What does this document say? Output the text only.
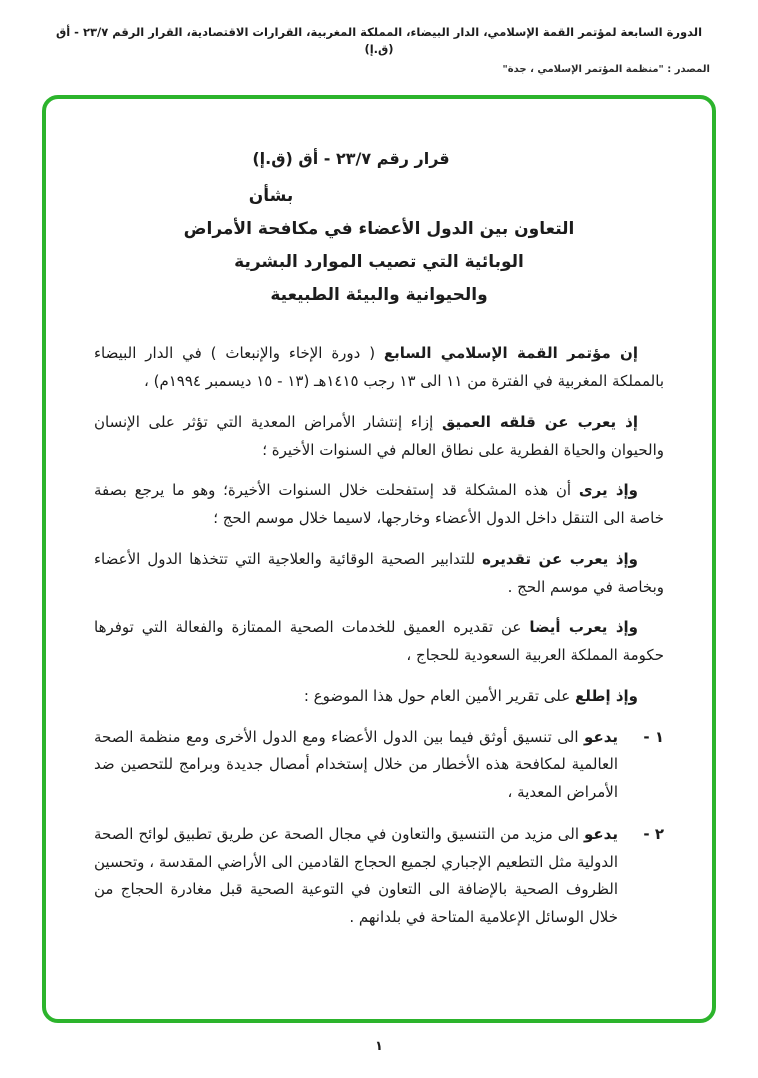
الدورة السابعة لمؤتمر القمة الإسلامي، الدار البيضاء، المملكة المغربية، القرارات الاقتصادية، القرار الرقم ٢٣/٧ - أق (ق.إ)
المصدر : "منظمة المؤتمر الإسلامي ، جدة"
قرار رقم ٢٣/٧ - أق (ق.إ)
بشأن
التعاون بين الدول الأعضاء في مكافحة الأمراض
الوبائية التي تصيب الموارد البشرية
والحيوانية والبيئة الطبيعية

إن مؤتمر القمة الإسلامي السابع ( دورة الإخاء والإنبعاث ) في الدار البيضاء بالمملكة المغربية في الفترة من ١١ الى ١٣ رجب ١٤١٥هـ (١٣ - ١٥ ديسمبر ١٩٩٤م) ،

إذ يعرب عن قلقه العميق إزاء إنتشار الأمراض المعدية التي تؤثر على الإنسان والحيوان والحياة الفطرية على نطاق العالم في السنوات الأخيرة ؛

وإذ يرى أن هذه المشكلة قد إستفحلت خلال السنوات الأخيرة؛ وهو ما يرجع بصفة خاصة الى التنقل داخل الدول الأعضاء وخارجها، لاسيما خلال موسم الحج ؛

وإذ يعرب عن تقديره للتدابير الصحية الوقائية والعلاجية التي تتخذها الدول الأعضاء وبخاصة في موسم الحج .

وإذ يعرب أيضا عن تقديره العميق للخدمات الصحية الممتازة والفعالة التي توفرها حكومة المملكة العربية السعودية للحجاج ،

وإذ إطلع على تقرير الأمين العام حول هذا الموضوع :

١ -

يدعو الى تنسيق أوثق فيما بين الدول الأعضاء ومع الدول الأخرى ومع منظمة الصحة العالمية لمكافحة هذه الأخطار من خلال إستخدام أمصال جديدة وبرامج للتحصين ضد الأمراض المعدية ،

٢ -

يدعو الى مزيد من التنسيق والتعاون في مجال الصحة عن طريق تطبيق لوائح الصحة الدولية مثل التطعيم الإجباري لجميع الحجاج القادمين الى الأراضي المقدسة ، وتحسين الظروف الصحية بالإضافة الى التعاون في التوعية الصحية قبل مغادرة الحجاج من خلال الوسائل الإعلامية المتاحة في بلدانهم .

١
